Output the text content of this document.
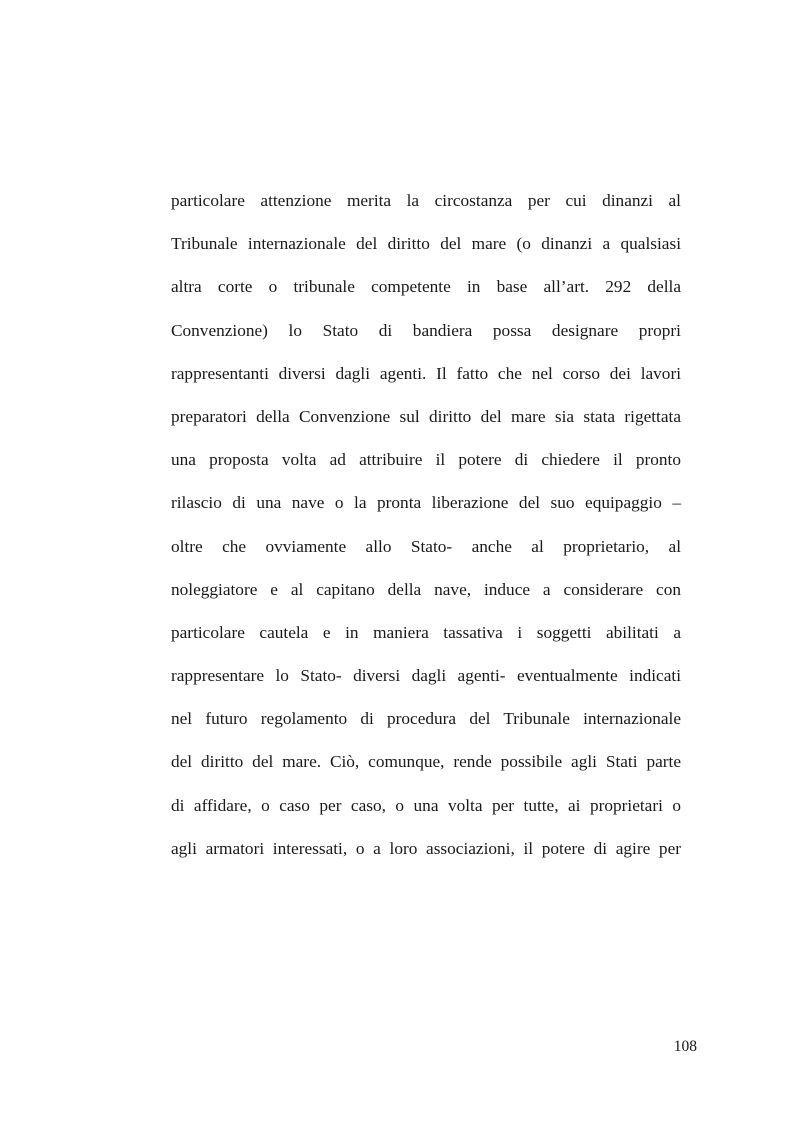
particolare attenzione merita la circostanza per cui dinanzi al
Tribunale internazionale del diritto del mare (o dinanzi a qualsiasi
altra corte o tribunale competente in base all’art. 292 della
Convenzione) lo Stato di bandiera possa designare propri
rappresentanti diversi dagli agenti. Il fatto che nel corso dei lavori
preparatori della Convenzione sul diritto del mare sia stata rigettata
una proposta volta ad attribuire il potere di chiedere il pronto
rilascio di una nave o la pronta liberazione del suo equipaggio –
oltre che ovviamente allo Stato- anche al proprietario, al
noleggiatore e al capitano della nave, induce a considerare con
particolare cautela e in maniera tassativa i soggetti abilitati a
rappresentare lo Stato- diversi dagli agenti- eventualmente indicati
nel futuro regolamento di procedura del Tribunale internazionale
del diritto del mare. Ciò, comunque, rende possibile agli Stati parte
di affidare, o caso per caso, o una volta per tutte, ai proprietari o
agli armatori interessati, o a loro associazioni, il potere di agire per
108
